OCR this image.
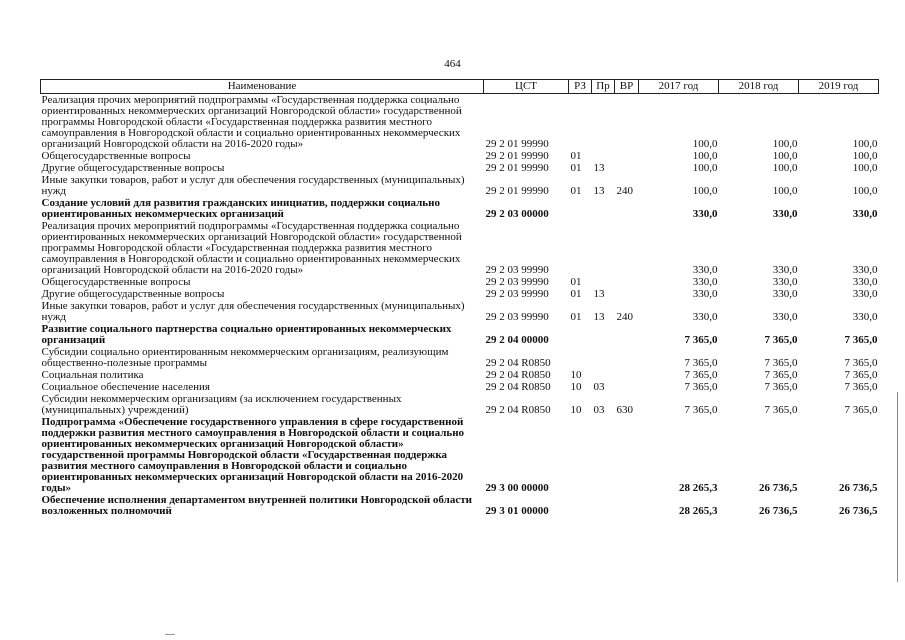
464
Наименование	ЦСТ	РЗ	Пр	ВР	2017 год	2018 год	2019 год
Реализация прочих мероприятий подпрограммы «Государственная поддержка социально ориентированных некоммерческих организаций Новгородской области» государственной программы Новгородской области «Государственная поддержка развития местного самоуправления в Новгородской области и социально ориентированных некоммерческих организаций Новгородской области на 2016-2020 годы»	29 2 01 99990				100,0	100,0	100,0
Общегосударственные вопросы	29 2 01 99990	01			100,0	100,0	100,0
Другие общегосударственные вопросы	29 2 01 99990	01	13		100,0	100,0	100,0
Иные закупки товаров, работ и услуг для обеспечения государственных (муниципальных) нужд	29 2 01 99990	01	13	240	100,0	100,0	100,0
Создание условий для развития гражданских инициатив, поддержки социально ориентированных некоммерческих организаций	29 2 03 00000				330,0	330,0	330,0
Реализация прочих мероприятий подпрограммы «Государственная поддержка социально ориентированных некоммерческих организаций Новгородской области» государственной программы Новгородской области «Государственная поддержка развития местного самоуправления в Новгородской области и социально ориентированных некоммерческих организаций Новгородской области на 2016-2020 годы»	29 2 03 99990				330,0	330,0	330,0
Общегосударственные вопросы	29 2 03 99990	01			330,0	330,0	330,0
Другие общегосударственные вопросы	29 2 03 99990	01	13		330,0	330,0	330,0
Иные закупки товаров, работ и услуг для обеспечения государственных (муниципальных) нужд	29 2 03 99990	01	13	240	330,0	330,0	330,0
Развитие социального партнерства социально ориентированных некоммерческих организаций	29 2 04 00000				7 365,0	7 365,0	7 365,0
Субсидии социально ориентированным некоммерческим организациям, реализующим общественно-полезные программы	29 2 04 R0850				7 365,0	7 365,0	7 365,0
Социальная политика	29 2 04 R0850	10			7 365,0	7 365,0	7 365,0
Социальное обеспечение населения	29 2 04 R0850	10	03		7 365,0	7 365,0	7 365,0
Субсидии некоммерческим организациям (за исключением государственных (муниципальных) учреждений)	29 2 04 R0850	10	03	630	7 365,0	7 365,0	7 365,0
Подпрограмма «Обеспечение государственного управления в сфере государственной поддержки развития местного самоуправления в Новгородской области и социально ориентированных некоммерческих организаций Новгородской области» государственной программы Новгородской области «Государственная поддержка развития местного самоуправления в Новгородской области и социально ориентированных некоммерческих организаций Новгородской области на 2016-2020 годы»	29 3 00 00000				28 265,3	26 736,5	26 736,5
Обеспечение исполнения департаментом внутренней политики Новгородской области возложенных полномочий	29 3 01 00000				28 265,3	26 736,5	26 736,5
